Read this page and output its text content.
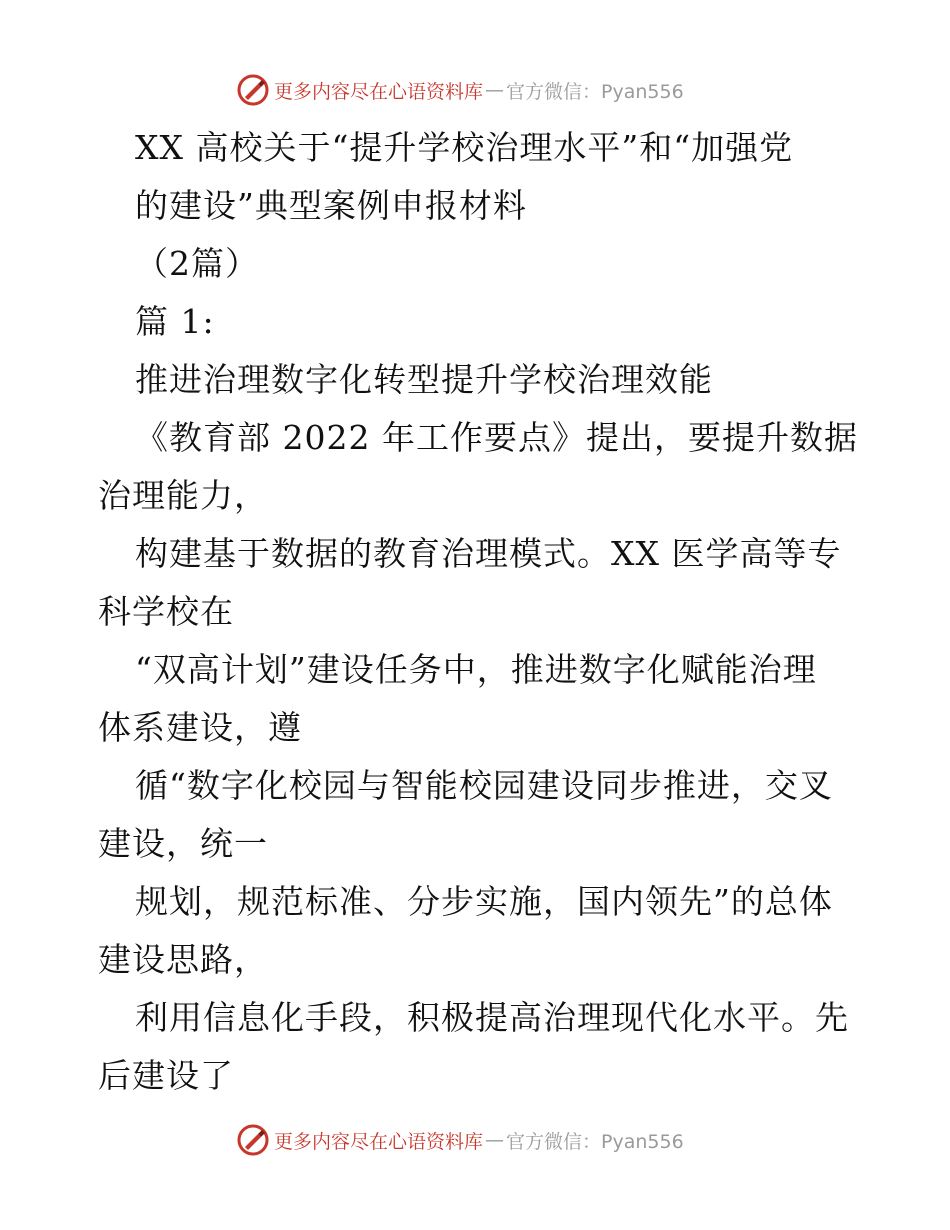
更多内容尽在心语资料库 — 官方微信：Pyan556
XX 高校关于“提升学校治理水平”和“加强党
的建设”典型案例申报材料
（2篇）
篇 1:
推进治理数字化转型提升学校治理效能
《教育部 2022 年工作要点》提出，要提升数据
治理能力，
构建基于数据的教育治理模式。XX 医学高等专
科学校在
“双高计划”建设任务中，推进数字化赋能治理
体系建设，遵
循“数字化校园与智能校园建设同步推进，交叉
建设，统一
规划，规范标准、分步实施，国内领先”的总体
建设思路，
利用信息化手段，积极提高治理现代化水平。先
后建设了
更多内容尽在心语资料库 — 官方微信：Pyan556
